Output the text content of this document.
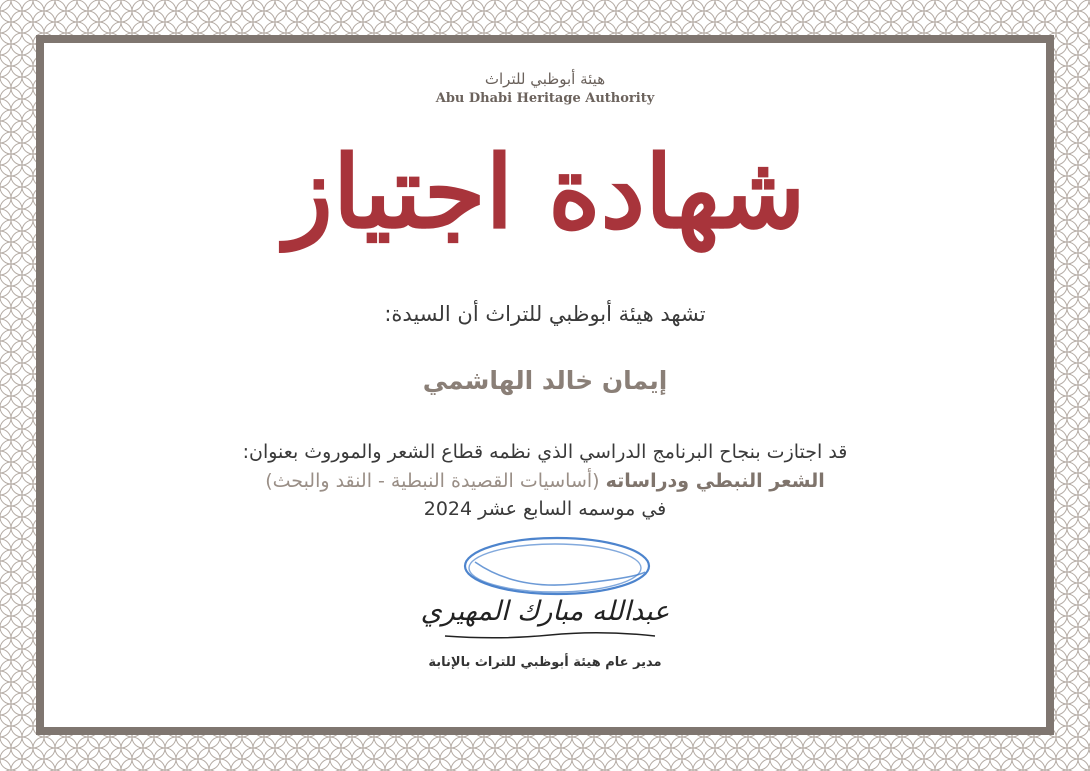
هيئة أبوظبي للتراث
Abu Dhabi Heritage Authority
شهادة اجتياز
تشهد هيئة أبوظبي للتراث أن السيدة:
إيمان خالد الهاشمي
قد اجتازت بنجاح البرنامج الدراسي الذي نظمه قطاع الشعر والموروث بعنوان:
الشعر النبطي ودراساته (أساسيات القصيدة النبطية - النقد والبحث)
في موسمه السابع عشر 2024
عبدالله مبارك المهيري
مدير عام هيئة أبوظبي للتراث بالإنابة
